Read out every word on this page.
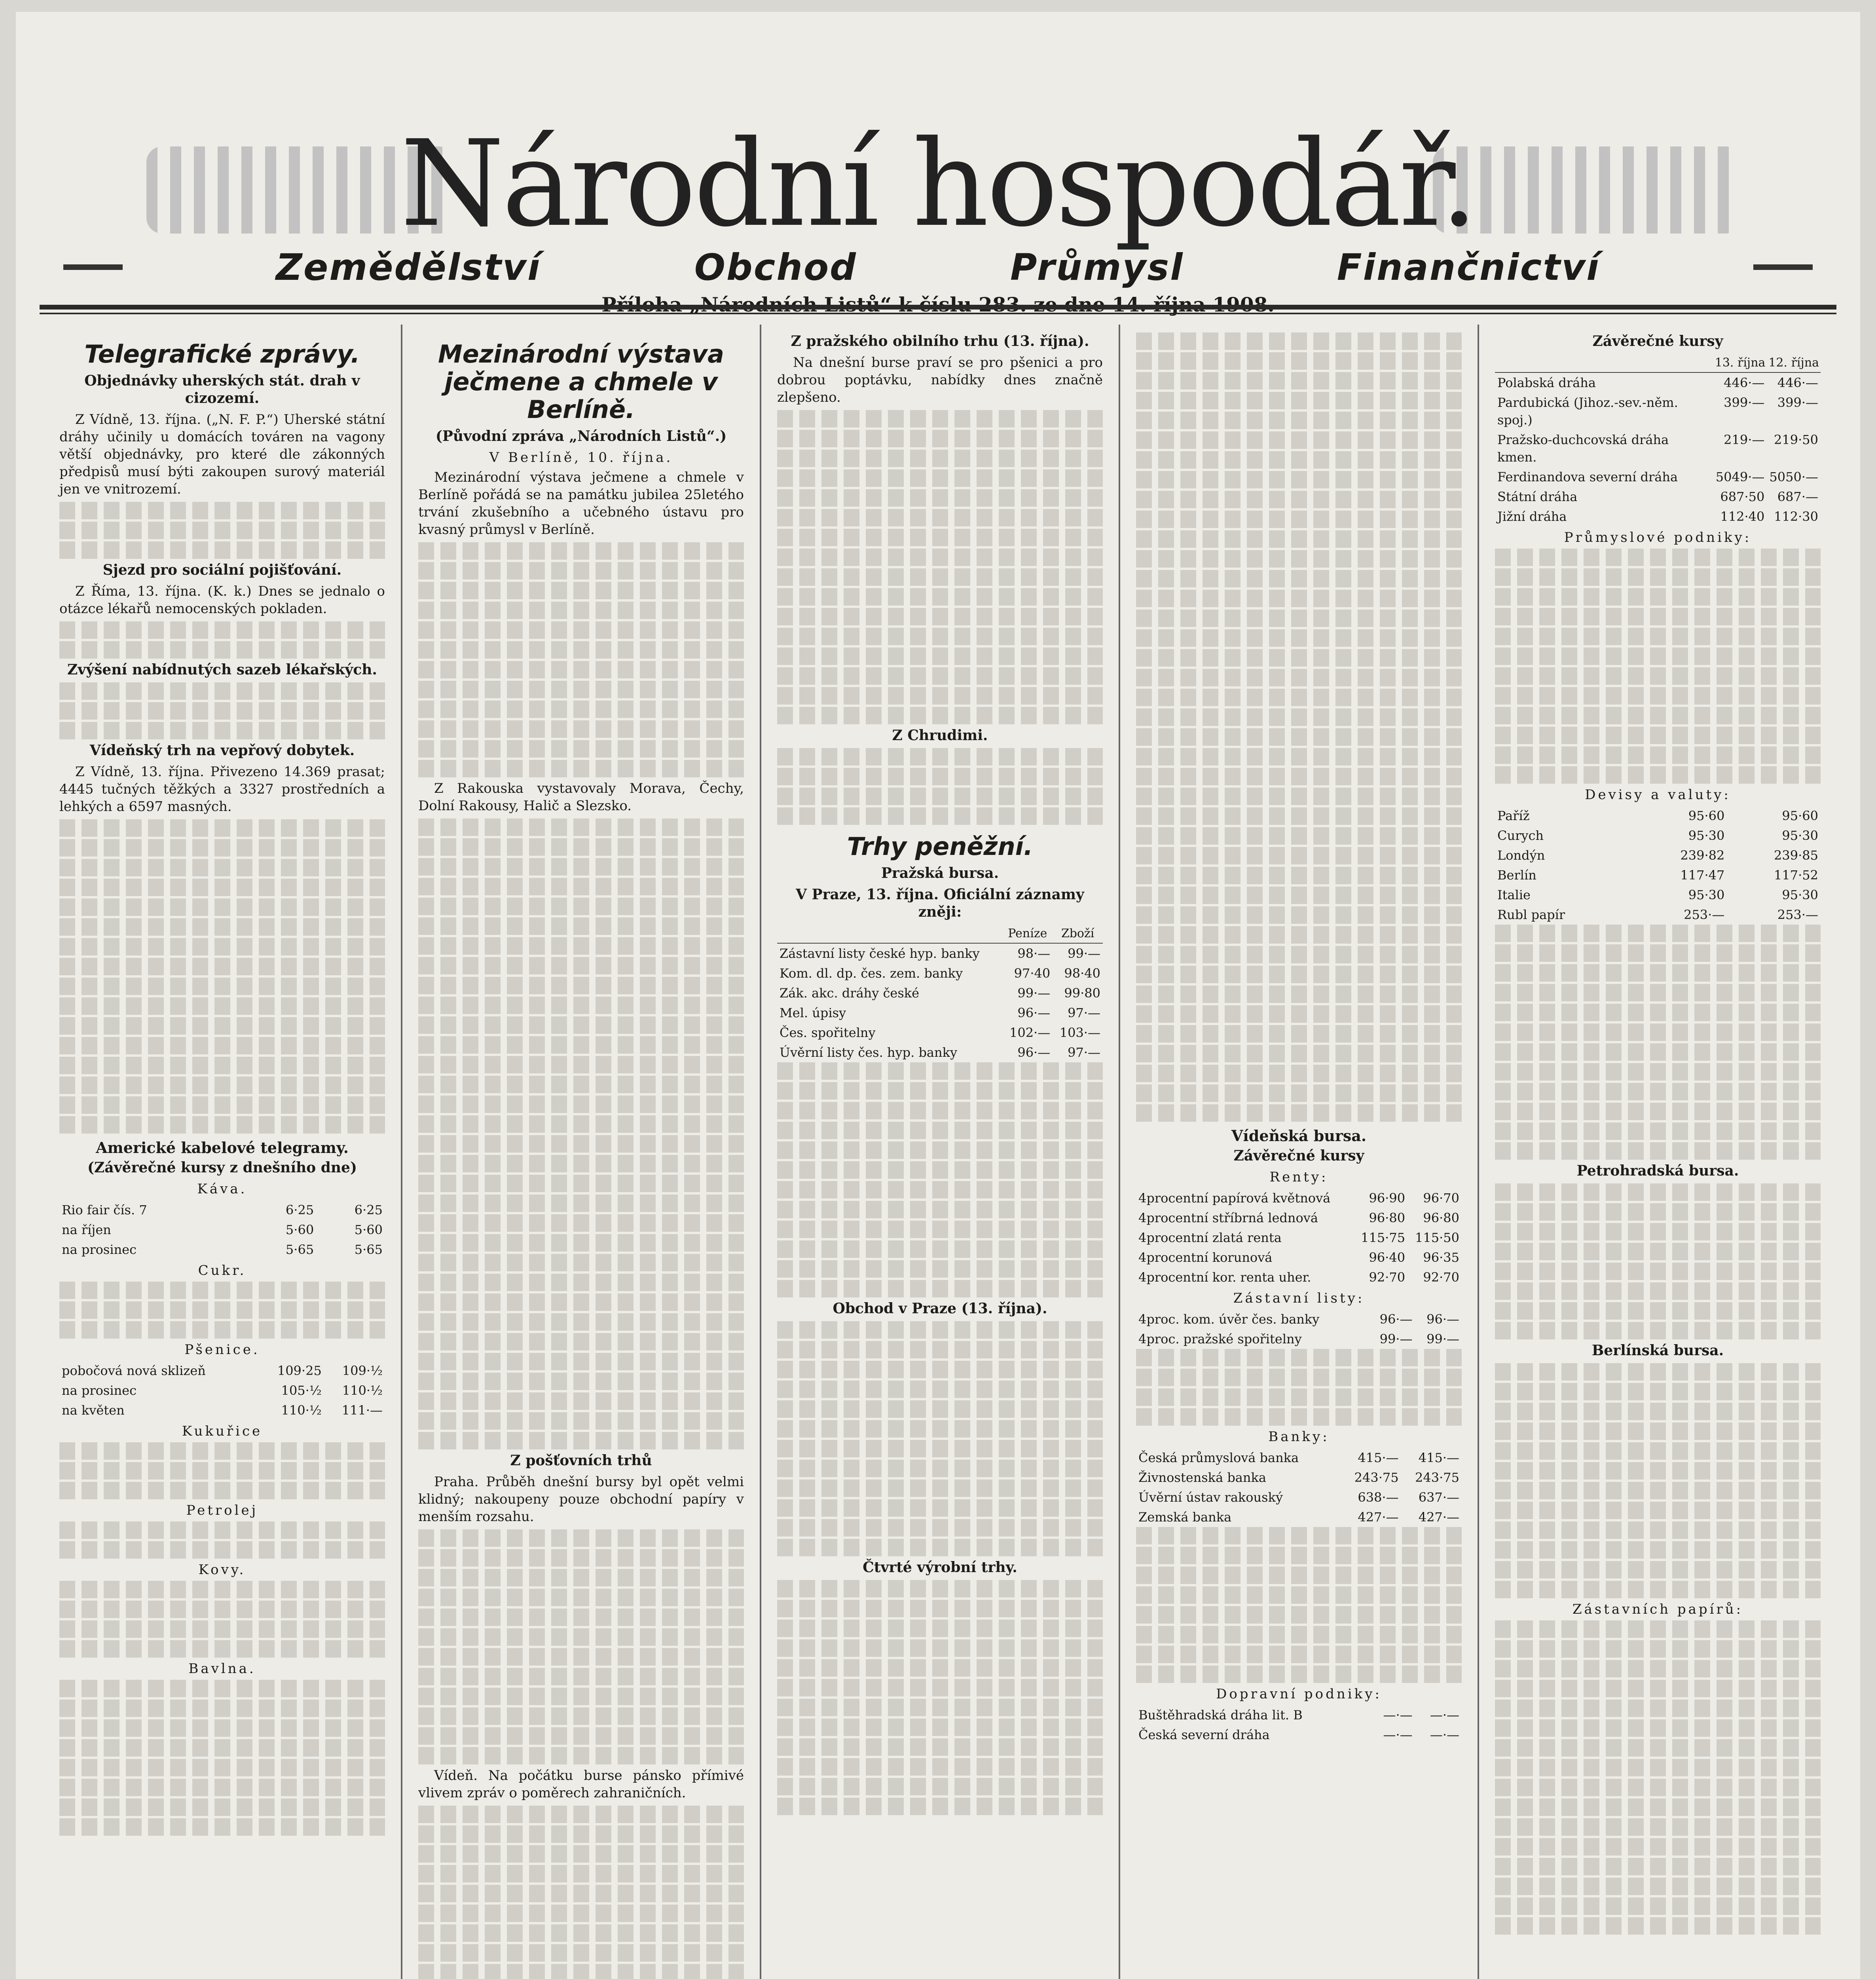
Národní hospodář.
Zemědělství	Obchod	Průmysl	Finančnictví
Telegrafické zprávy.
Objednávky uherských stát. drah v cizozemí.

Z Vídně, 13. října. („N. F. P.“) Uherské státní dráhy učinily u domácích továren na vagony větší objednávky, pro které dle zákonných předpisů musí býti zakoupen surový materiál jen ve vnitrozemí.

Sjezd pro sociální pojišťování.

Z Říma, 13. října. (K. k.) Dnes se jednalo o otázce lékařů nemocenských pokladen.

Zvýšení nabídnutých sazeb lékařských.
Vídeňský trh na vepřový dobytek.

Z Vídně, 13. října. Přivezeno 14.369 prasat; 4445 tučných těžkých a 3327 prostředních a lehkých a 6597 masných.

Americké kabelové telegramy.
(Závěrečné kursy z dnešního dne)
Káva.
Rio fair čís. 7	6·25	6·25
na říjen	5·60	5·60
na prosinec	5·65	5·65
Cukr.
Pšenice.
pobočová nová sklizeň	109·25	109·½
na prosinec	105·½	110·½
na květen	110·½	111·—
Kukuřice
Petrolej
Kovy.
Bavlna.
Mezinárodní výstava ječmene a chmele v Berlíně.
(Původní zpráva „Národních Listů“.)
V Berlíně, 10. října.

Mezinárodní výstava ječmene a chmele v Berlíně pořádá se na památku jubilea 25letého trvání zkušebního a učebného ústavu pro kvasný průmysl v Berlíně.

Z Rakouska vystavovaly Morava, Čechy, Dolní Rakousy, Halič a Slezsko.

Z pošťovních trhů

Praha. Průběh dnešní bursy byl opět velmi klidný; nakoupeny pouze obchodní papíry v menším rozsahu.

Vídeň. Na počátku burse pánsko přímivé vlivem zpráv o poměrech zahraničních.

Z pražského obilního trhu (13. října).

Na dnešní burse praví se pro pšenici a pro dobrou poptávku, nabídky dnes značně zlepšeno.

Z Chrudimi.
Trhy peněžní.
Pražská bursa.
V Praze, 13. října. Oficiální záznamy zněji:
	Peníze	Zboží
Zástavní listy české hyp. banky	98·—	99·—
Kom. dl. dp. čes. zem. banky	97·40	98·40
Zák. akc. dráhy české	99·—	99·80
Mel. úpisy	96·—	97·—
Čes. spořitelny	102·—	103·—
Úvěrní listy čes. hyp. banky	96·—	97·—
Obchod v Praze (13. října).
Čtvrté výrobní trhy.
Vídeňská bursa.
Závěrečné kursy
Renty:
4procentní papírová květnová	96·90	96·70
4procentní stříbrná lednová	96·80	96·80
4procentní zlatá renta	115·75	115·50
4procentní korunová	96·40	96·35
4procentní kor. renta uher.	92·70	92·70
Zástavní listy:
4proc. kom. úvěr čes. banky	96·—	96·—
4proc. pražské spořitelny	99·—	99·—
Banky:
Česká průmyslová banka	415·—	415·—
Živnostenská banka	243·75	243·75
Úvěrní ústav rakouský	638·—	637·—
Zemská banka	427·—	427·—
Dopravní podniky:
Buštěhradská dráha lit. B	—·—	—·—
Česká severní dráha	—·—	—·—
Závěrečné kursy
	13. října	12. října
Polabská dráha	446·—	446·—
Pardubická (Jihoz.-sev.-něm. spoj.)	399·—	399·—
Pražsko-duchcovská dráha kmen.	219·—	219·50
Ferdinandova severní dráha	5049·—	5050·—
Státní dráha	687·50	687·—
Jižní dráha	112·40	112·30
Průmyslové podniky:
Devisy a valuty:
Paříž	95·60	95·60
Curych	95·30	95·30
Londýn	239·82	239·85
Berlín	117·47	117·52
Italie	95·30	95·30
Rubl papír	253·—	253·—
Petrohradská bursa.
Berlínská bursa.
Zástavních papírů:
